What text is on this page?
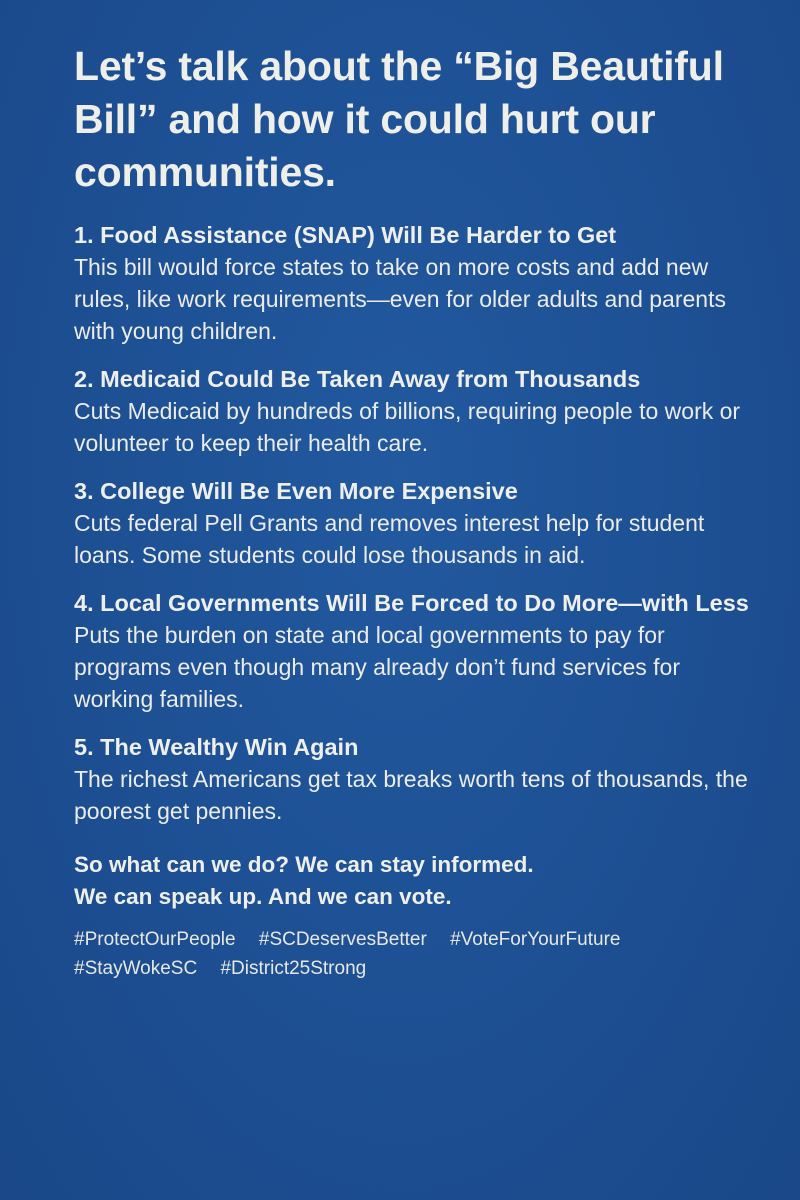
Let’s talk about the “Big Beautiful Bill” and how it could hurt our communities.

1. Food Assistance (SNAP) Will Be Harder to Get

This bill would force states to take on more costs and add new rules, like work requirements—even for older adults and parents with young children.

2. Medicaid Could Be Taken Away from Thousands

Cuts Medicaid by hundreds of billions, requiring people to work or volunteer to keep their health care.

3. College Will Be Even More Expensive

Cuts federal Pell Grants and removes interest help for student loans. Some students could lose thousands in aid.

4. Local Governments Will Be Forced to Do More—with Less

Puts the burden on state and local governments to pay for programs even though many already don’t fund services for working families.

5. The Wealthy Win Again

The richest Americans get tax breaks worth tens of thousands, the poorest get pennies.

So what can we do? We can stay informed.
We can speak up. And we can vote.
#ProtectOurPeople #SCDeservesBetter #VoteForYourFuture
#StayWokeSC #District25Strong
